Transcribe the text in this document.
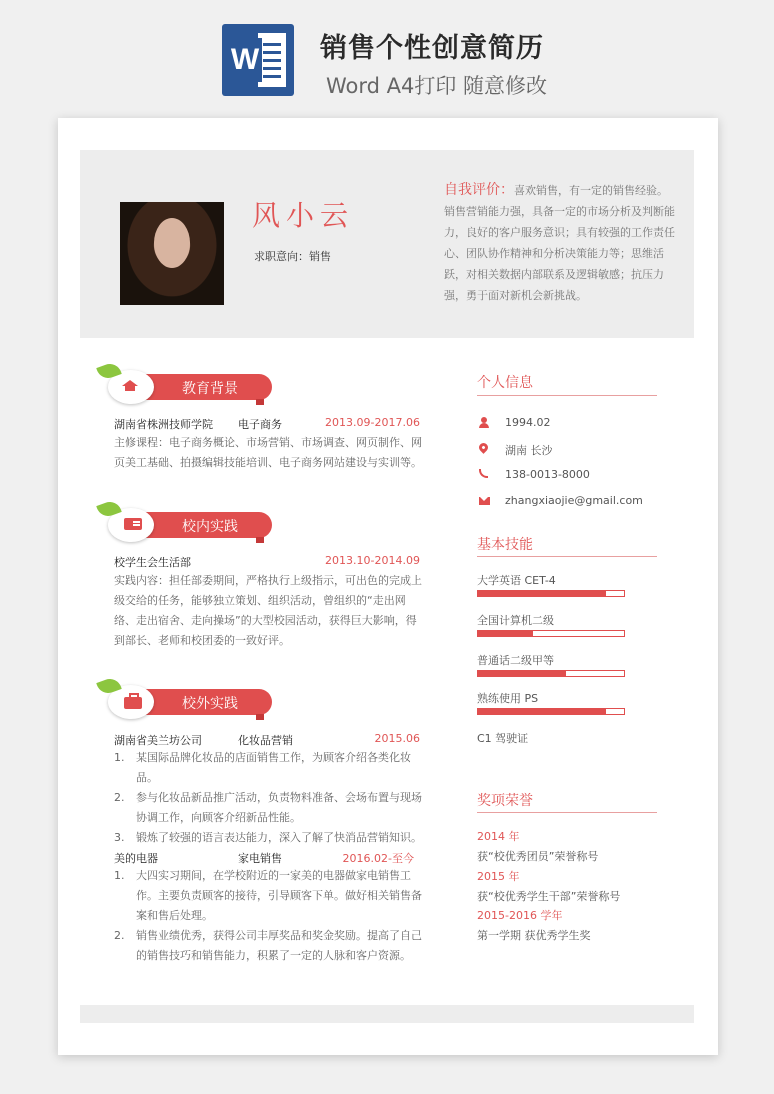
W 销售个性创意简历
Word A4打印 随意修改
风小云
求职意向：销售
自我评价：喜欢销售，有一定的销售经验。销售营销能力强，具备一定的市场分析及判断能力，良好的客户服务意识；具有较强的工作责任心、团队协作精神和分析决策能力等；思维活跃，对相关数据内部联系及逻辑敏感；抗压力强，勇于面对新机会新挑战。
教育背景
湖南省株洲技师学院 电子商务	2013.09-2017.06
主修课程：电子商务概论、市场营销、市场调查、网页制作、网页美工基础、拍摄编辑技能培训、电子商务网站建设与实训等。
校内实践
校学生会生活部	2013.10-2014.09
实践内容：担任部委期间，严格执行上级指示，可出色的完成上级交给的任务，能够独立策划、组织活动，曾组织的“走出网络、走出宿舍、走向操场”的大型校园活动，获得巨大影响，得到部长、老师和校团委的一致好评。
校外实践
湖南省美兰坊公司	化妆品营销	2015.06
1. 某国际品牌化妆品的店面销售工作，为顾客介绍各类化妆品。
2. 参与化妆品新品推广活动，负责物料准备、会场布置与现场协调工作，向顾客介绍新品性能。
3. 锻炼了较强的语言表达能力，深入了解了快消品营销知识。
美的电器	家电销售	2016.02-至今
1. 大四实习期间，在学校附近的一家美的电器做家电销售工作。主要负责顾客的接待，引导顾客下单。做好相关销售备案和售后处理。
2. 销售业绩优秀，获得公司丰厚奖品和奖金奖励。提高了自己的销售技巧和销售能力，积累了一定的人脉和客户资源。
个人信息
1994.02
湖南 长沙
138-0013-8000
zhangxiaojie@gmail.com
基本技能
大学英语 CET-4
全国计算机二级
普通话二级甲等
熟练使用 PS
C1 驾驶证
奖项荣誉
2014 年
获“校优秀团员”荣誉称号
2015 年
获“校优秀学生干部”荣誉称号
2015-2016 学年
第一学期 获优秀学生奖
